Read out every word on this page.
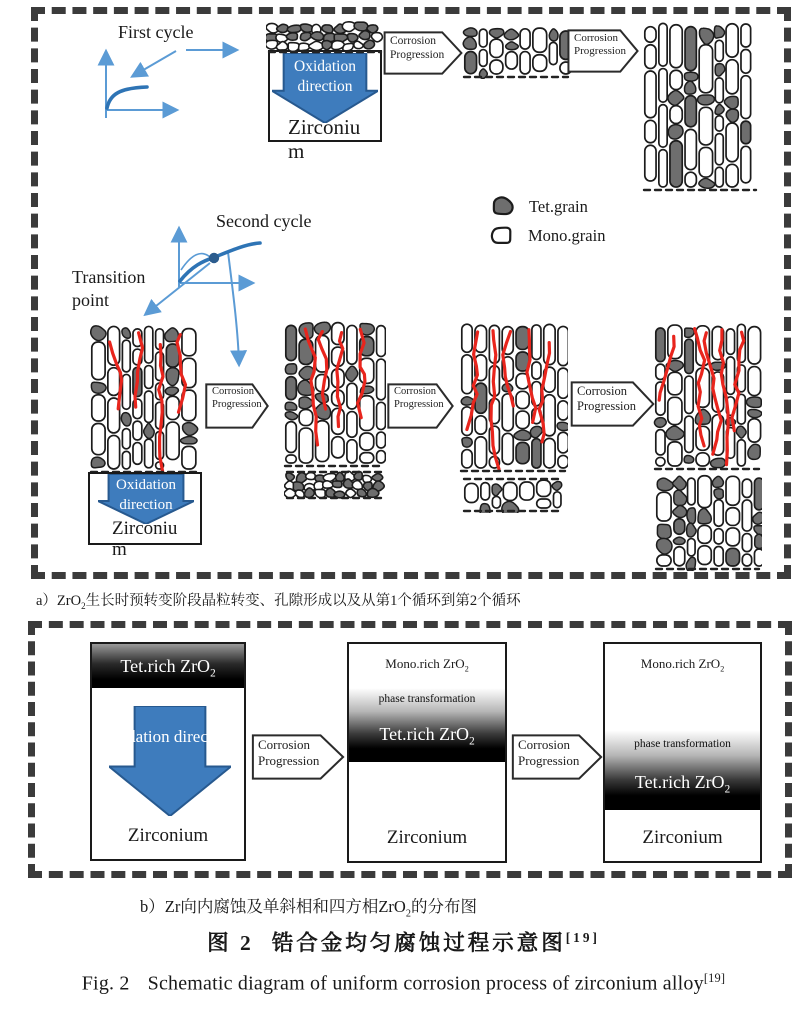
First cycle
Oxidation direction
Zirconium
Corrosion Progression
Corrosion Progression
Tet.grain
Mono.grain
Second cycle
Transition point
Oxidation direction
Zirconium
Corrosion Progression
Corrosion Progression
Corrosion Progression
a）ZrO$_2$生长时预转变阶段晶粒转变、孔隙形成以及从第1个循环到第2个循环
Tet.rich ZrO$_2$
Oxidation direction
Zirconium
Corrosion Progression
Mono.rich ZrO$_2$
phase transformation
Tet.rich ZrO$_2$
Zirconium
Corrosion Progression
Mono.rich ZrO$_2$
phase transformation
Tet.rich ZrO$_2$
Zirconium
b）Zr向内腐蚀及单斜相和四方相ZrO$_2$的分布图
图 2 锆合金均匀腐蚀过程示意图[19]
Fig. 2 Schematic diagram of uniform corrosion process of zirconium alloy[19]
